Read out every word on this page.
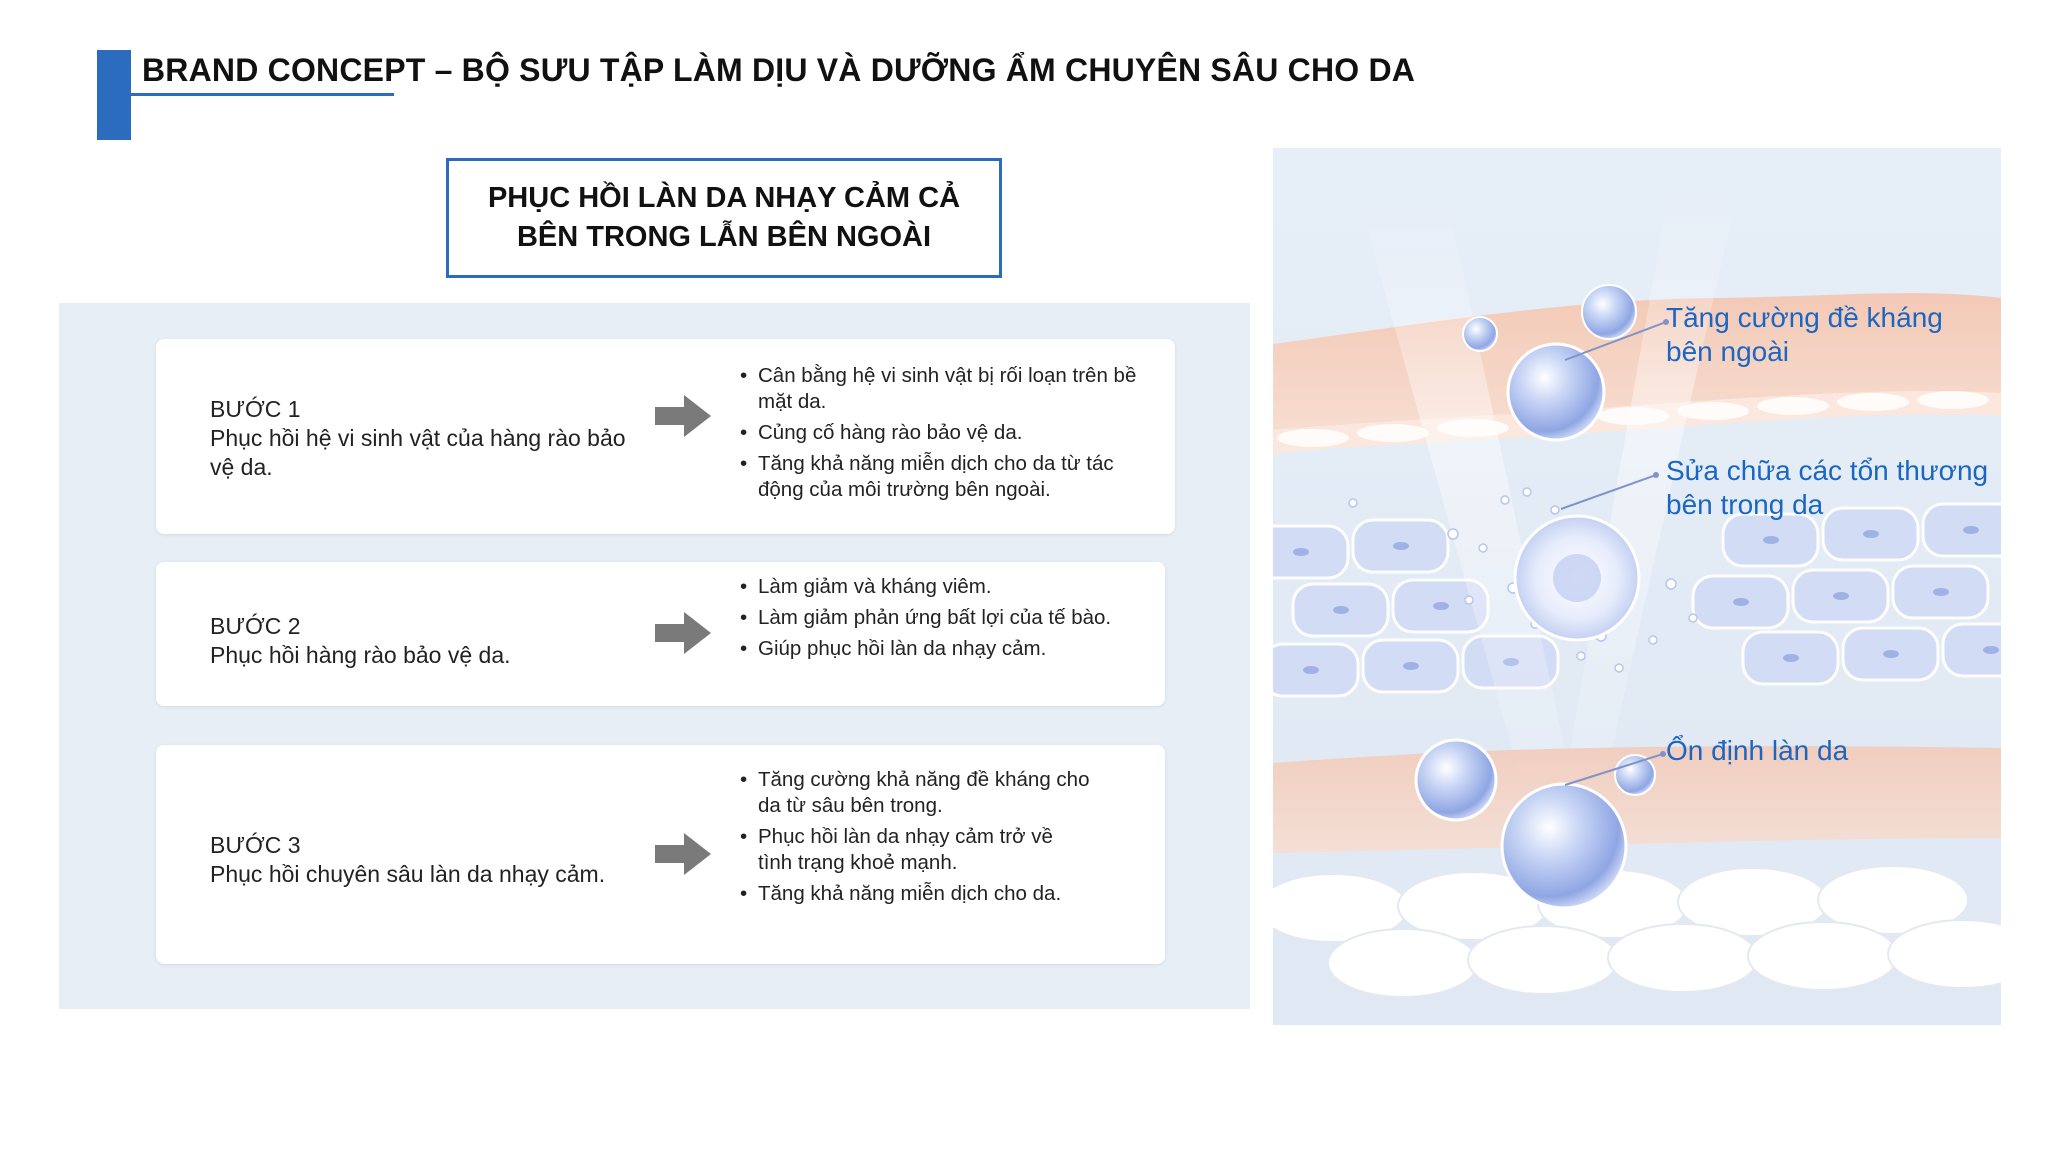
BRAND CONCEPT – BỘ SƯU TẬP LÀM DỊU VÀ DƯỠNG ẨM CHUYÊN SÂU CHO DA
PHỤC HỒI LÀN DA NHẠY CẢM CẢ
BÊN TRONG LẪN BÊN NGOÀI
BƯỚC 1
Phục hồi hệ vi sinh vật của hàng rào bảo vệ da.
• Cân bằng hệ vi sinh vật bị rối loạn trên bề mặt da.
• Củng cố hàng rào bảo vệ da.
• Tăng khả năng miễn dịch cho da từ tác động của môi trường bên ngoài.
BƯỚC 2
Phục hồi hàng rào bảo vệ da.
• Làm giảm và kháng viêm.
• Làm giảm phản ứng bất lợi của tế bào.
• Giúp phục hồi làn da nhạy cảm.
BƯỚC 3
Phục hồi chuyên sâu làn da nhạy cảm.
• Tăng cường khả năng đề kháng cho da từ sâu bên trong.
• Phục hồi làn da nhạy cảm trở về tình trạng khoẻ mạnh.
• Tăng khả năng miễn dịch cho da.
Tăng cường đề kháng
bên ngoài
Sửa chữa các tổn thương
bên trong da
Ổn định làn da
